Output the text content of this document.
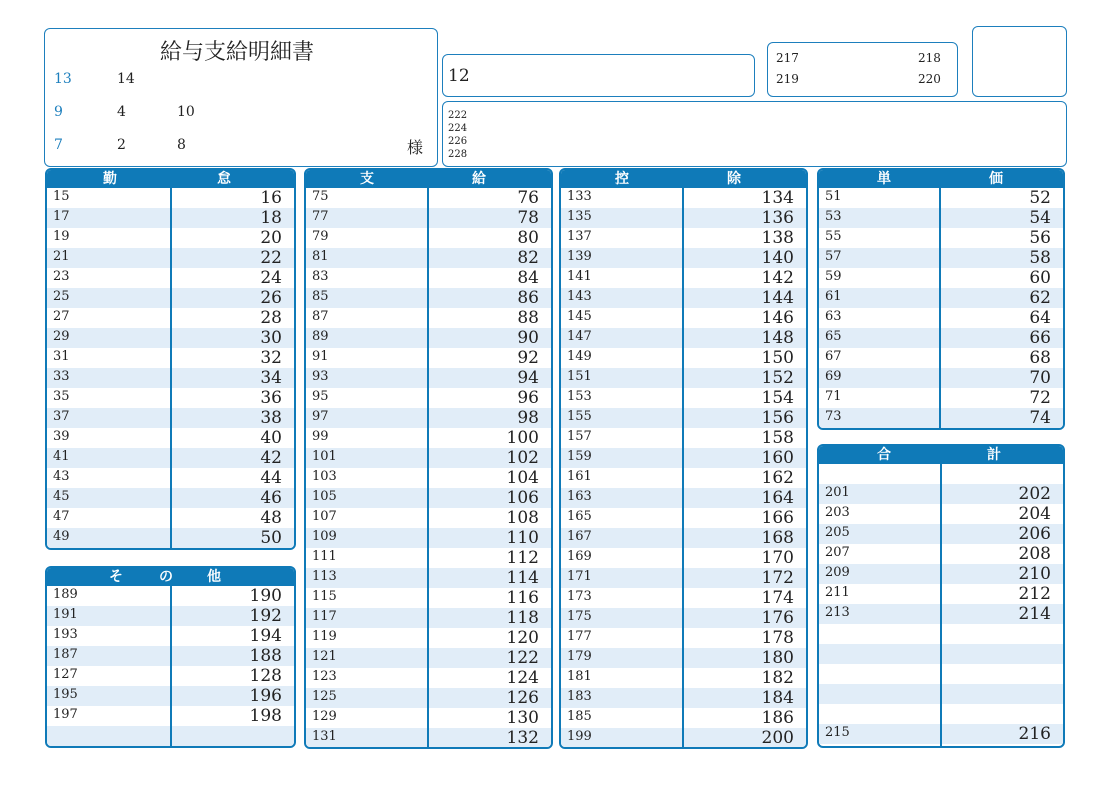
給与支給明細書
13	14
9	4	10
7	2	8	様
12
217	218
219	220
222
224
226
228
勤	怠
15	16
17	18
19	20
21	22
23	24
25	26
27	28
29	30
31	32
33	34
35	36
37	38
39	40
41	42
43	44
45	46
47	48
49	50
そ	の 他
189	190
191	192
193	194
187	188
127	128
195	196
197	198
支	給
75	76
77	78
79	80
81	82
83	84
85	86
87	88
89	90
91	92
93	94
95	96
97	98
99	100
101	102
103	104
105	106
107	108
109	110
111	112
113	114
115	116
117	118
119	120
121	122
123	124
125	126
129	130
131	132
控	除
133	134
135	136
137	138
139	140
141	142
143	144
145	146
147	148
149	150
151	152
153	154
155	156
157	158
159	160
161	162
163	164
165	166
167	168
169	170
171	172
173	174
175	176
177	178
179	180
181	182
183	184
185	186
199	200
単	価
51	52
53	54
55	56
57	58
59	60
61	62
63	64
65	66
67	68
69	70
71	72
73	74
合	計
201	202
203	204
205	206
207	208
209	210
211	212
213	214
215	216
